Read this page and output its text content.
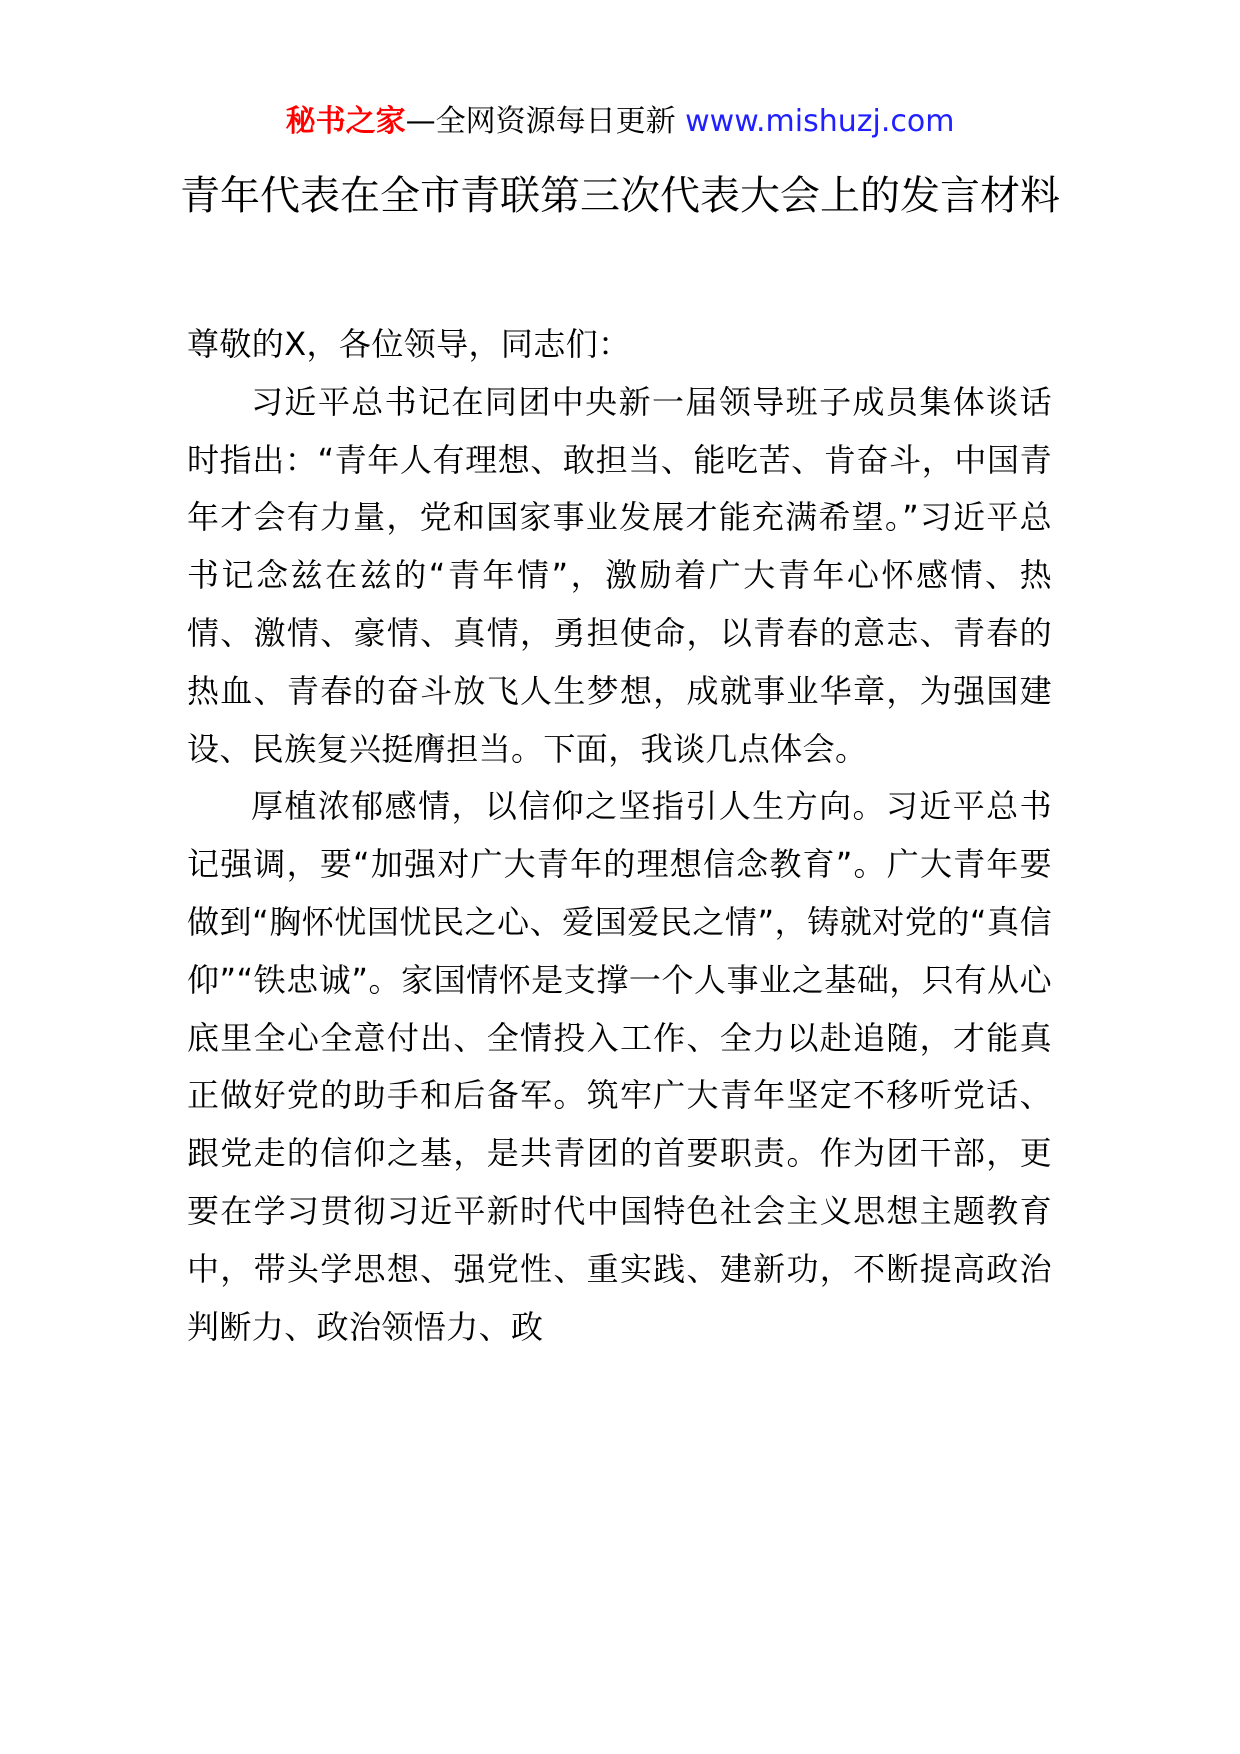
秘书之家—全网资源每日更新 www.mishuzj.com
青年代表在全市青联第三次代表大会上的发言材料

尊敬的X，各位领导，同志们：

习近平总书记在同团中央新一届领导班子成员集体谈话时指出：“青年人有理想、敢担当、能吃苦、肯奋斗，中国青年才会有力量，党和国家事业发展才能充满希望。”习近平总书记念兹在兹的“青年情”，激励着广大青年心怀感情、热情、激情、豪情、真情，勇担使命，以青春的意志、青春的热血、青春的奋斗放飞人生梦想，成就事业华章，为强国建设、民族复兴挺膺担当。下面，我谈几点体会。

厚植浓郁感情，以信仰之坚指引人生方向。习近平总书记强调，要“加强对广大青年的理想信念教育”。广大青年要做到“胸怀忧国忧民之心、爱国爱民之情”，铸就对党的“真信仰”“铁忠诚”。家国情怀是支撑一个人事业之基础，只有从心底里全心全意付出、全情投入工作、全力以赴追随，才能真正做好党的助手和后备军。筑牢广大青年坚定不移听党话、跟党走的信仰之基，是共青团的首要职责。作为团干部，更要在学习贯彻习近平新时代中国特色社会主义思想主题教育中，带头学思想、强党性、重实践、建新功，不断提高政治判断力、政治领悟力、政
